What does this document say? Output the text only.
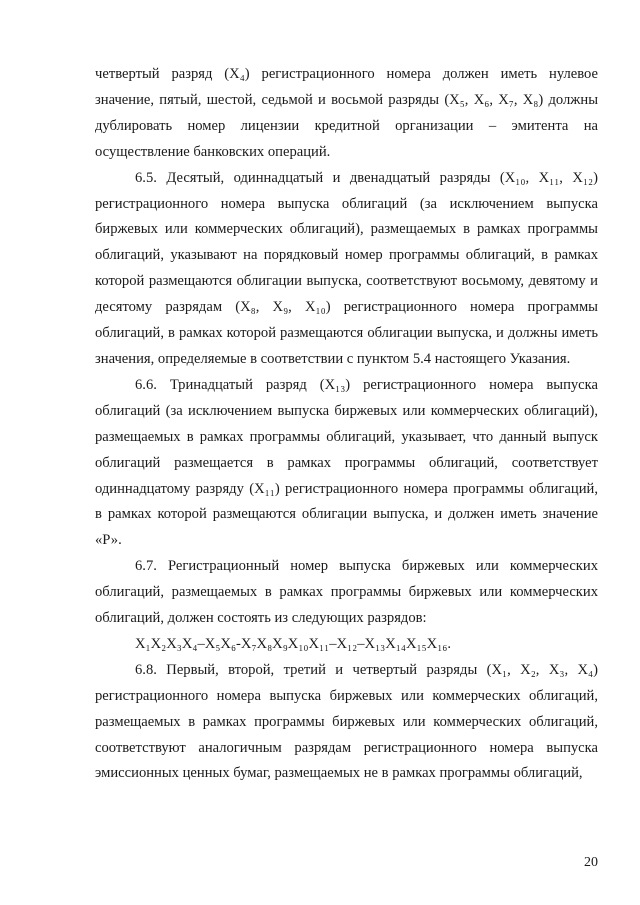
четвертый разряд (X₄) регистрационного номера должен иметь нулевое значение, пятый, шестой, седьмой и восьмой разряды (X₅, X₆, X₇, X₈) должны дублировать номер лицензии кредитной организации – эмитента на осуществление банковских операций.

6.5. Десятый, одиннадцатый и двенадцатый разряды (X₁₀, X₁₁, X₁₂) регистрационного номера выпуска облигаций (за исключением выпуска биржевых или коммерческих облигаций), размещаемых в рамках программы облигаций, указывают на порядковый номер программы облигаций, в рамках которой размещаются облигации выпуска, соответствуют восьмому, девятому и десятому разрядам (X₈, X₉, X₁₀) регистрационного номера программы облигаций, в рамках которой размещаются облигации выпуска, и должны иметь значения, определяемые в соответствии с пунктом 5.4 настоящего Указания.

6.6. Тринадцатый разряд (X₁₃) регистрационного номера выпуска облигаций (за исключением выпуска биржевых или коммерческих облигаций), размещаемых в рамках программы облигаций, указывает, что данный выпуск облигаций размещается в рамках программы облигаций, соответствует одиннадцатому разряду (X₁₁) регистрационного номера программы облигаций, в рамках которой размещаются облигации выпуска, и должен иметь значение «Р».

6.7. Регистрационный номер выпуска биржевых или коммерческих облигаций, размещаемых в рамках программы биржевых или коммерческих облигаций, должен состоять из следующих разрядов:

X₁X₂X₃X₄–X₅X₆-X₇X₈X₉X₁₀X₁₁–X₁₂–X₁₃X₁₄X₁₅X₁₆.

6.8. Первый, второй, третий и четвертый разряды (X₁, X₂, X₃, X₄) регистрационного номера выпуска биржевых или коммерческих облигаций, размещаемых в рамках программы биржевых или коммерческих облигаций, соответствуют аналогичным разрядам регистрационного номера выпуска эмиссионных ценных бумаг, размещаемых не в рамках программы облигаций,

20
